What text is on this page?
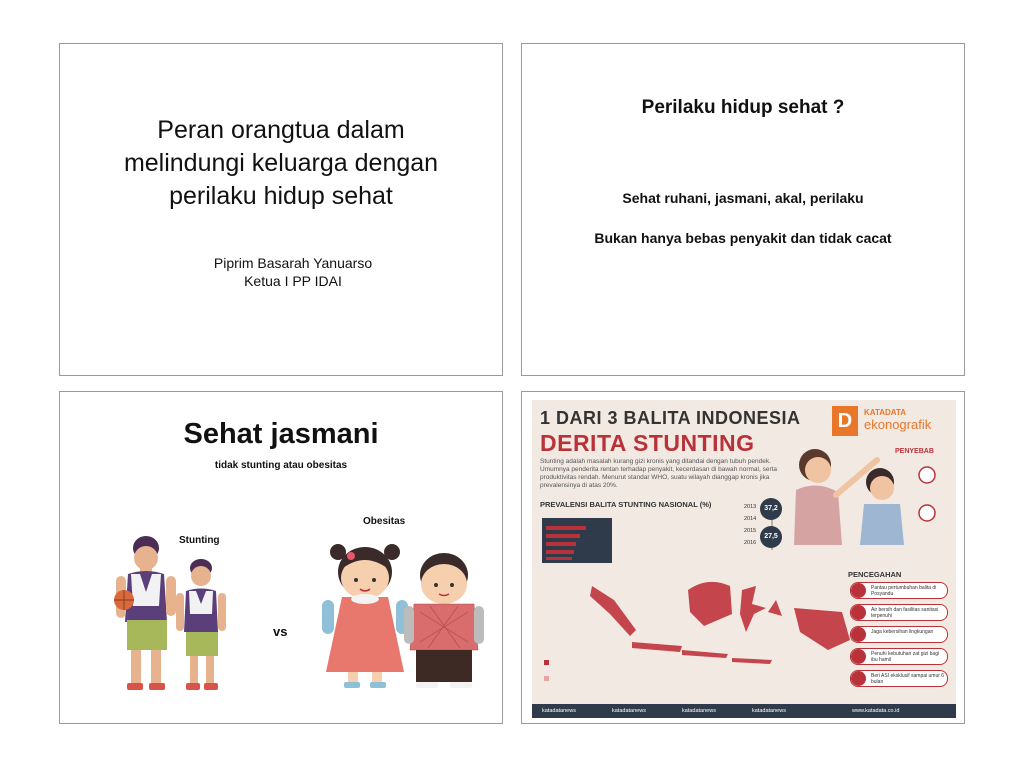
Peran orangtua dalam
melindungi keluarga dengan
perilaku hidup sehat
Piprim Basarah Yanuarso
Ketua I PP IDAI
Perilaku hidup sehat ?
Sehat ruhani, jasmani, akal, perilaku
Bukan hanya bebas penyakit dan tidak cacat
Sehat jasmani
tidak stunting atau obesitas
Stunting
Obesitas
vs
1 DARI 3 BALITA INDONESIA
DERITA STUNTING
Stunting adalah masalah kurang gizi kronis yang ditandai dengan tubuh pendek. Umumnya penderita rentan terhadap penyakit, kecerdasan di bawah normal, serta produktivitas rendah. Menurut standar WHO, suatu wilayah dianggap kronis jika prevalensinya di atas 20%.
PREVALENSI BALITA STUNTING NASIONAL (%)
D	KATADATA
ekonografik
PENYEBAB
2013
2014
2015
2016
37,2
27,5
PENCEGAHAN
Pantau pertumbuhan balita di Posyandu
Air bersih dan fasilitas sanitasi terpenuhi
Jaga kebersihan lingkungan
Penuhi kebutuhan zat gizi bagi ibu hamil
Beri ASI eksklusif sampai umur 6 bulan
katadatanews	katadatanews	katadatanews	katadatanews	www.katadata.co.id
